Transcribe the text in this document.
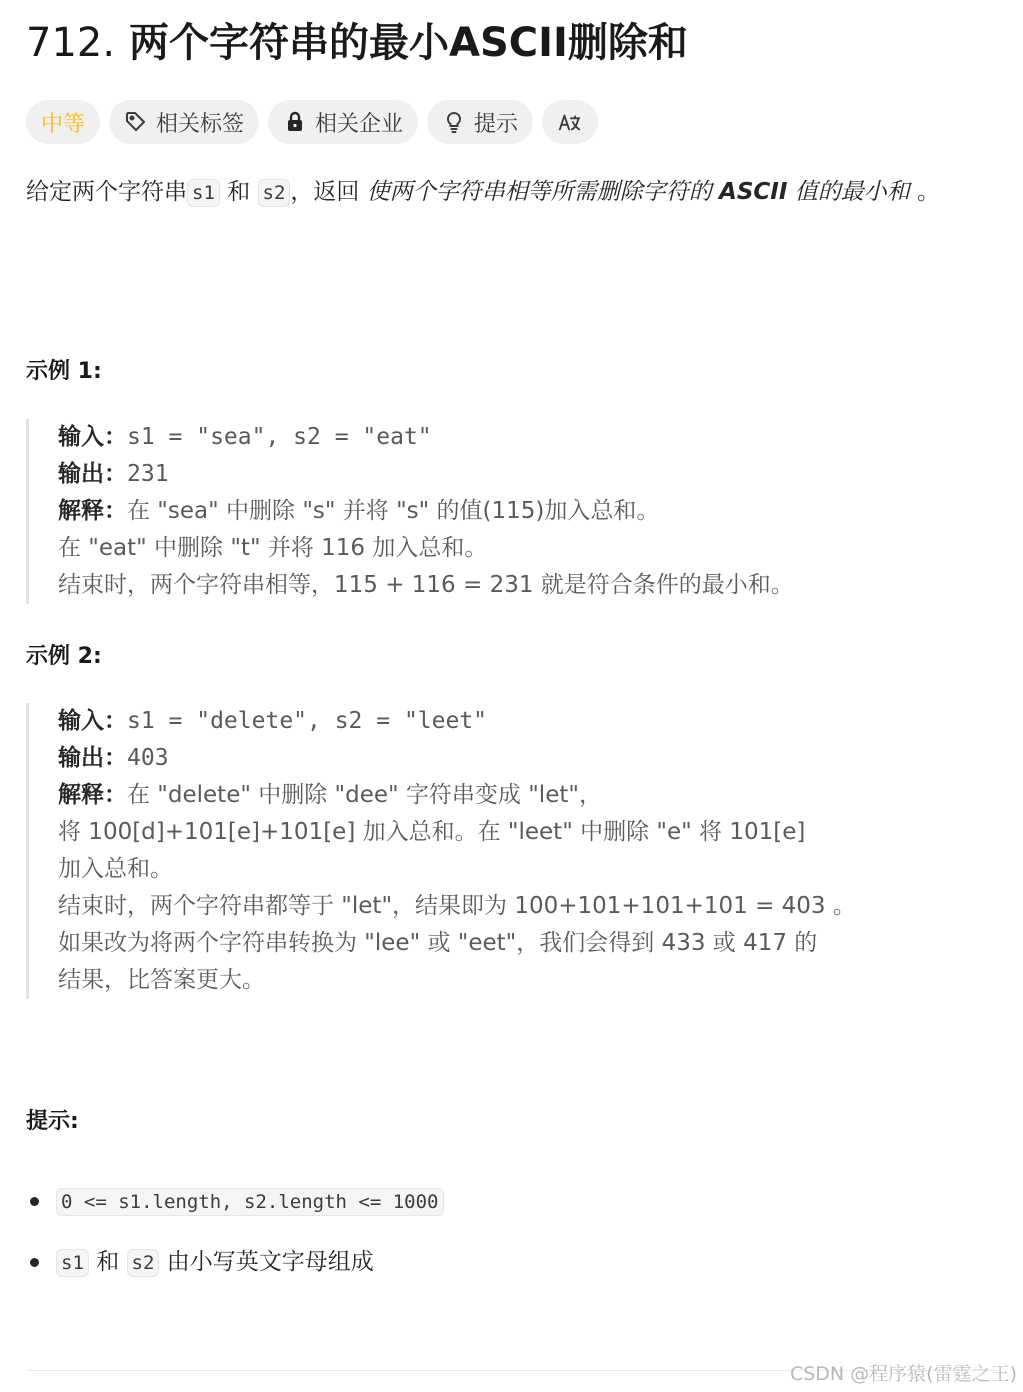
712. 两个字符串的最小ASCII删除和
中等	相关标签	相关企业	提示
给定两个字符串 s1 和 s2 ，返回 使两个字符串相等所需删除字符的 ASCII 值的最小和 。
示例 1:
输入：s1 = "sea", s2 = "eat"
输出：231
解释：在 "sea" 中删除 "s" 并将 "s" 的值(115)加入总和。
在 "eat" 中删除 "t" 并将 116 加入总和。
结束时，两个字符串相等，115 + 116 = 231 就是符合条件的最小和。
示例 2:
输入：s1 = "delete", s2 = "leet"
输出：403
解释：在 "delete" 中删除 "dee" 字符串变成 "let"，
将 100[d]+101[e]+101[e] 加入总和。在 "leet" 中删除 "e" 将 101[e]
加入总和。
结束时，两个字符串都等于 "let"，结果即为 100+101+101+101 = 403 。
如果改为将两个字符串转换为 "lee" 或 "eet"，我们会得到 433 或 417 的
结果，比答案更大。
提示:
0 <= s1.length, s2.length <= 1000
s1 和 s2 由小写英文字母组成
CSDN @程序猿(雷霆之王)
